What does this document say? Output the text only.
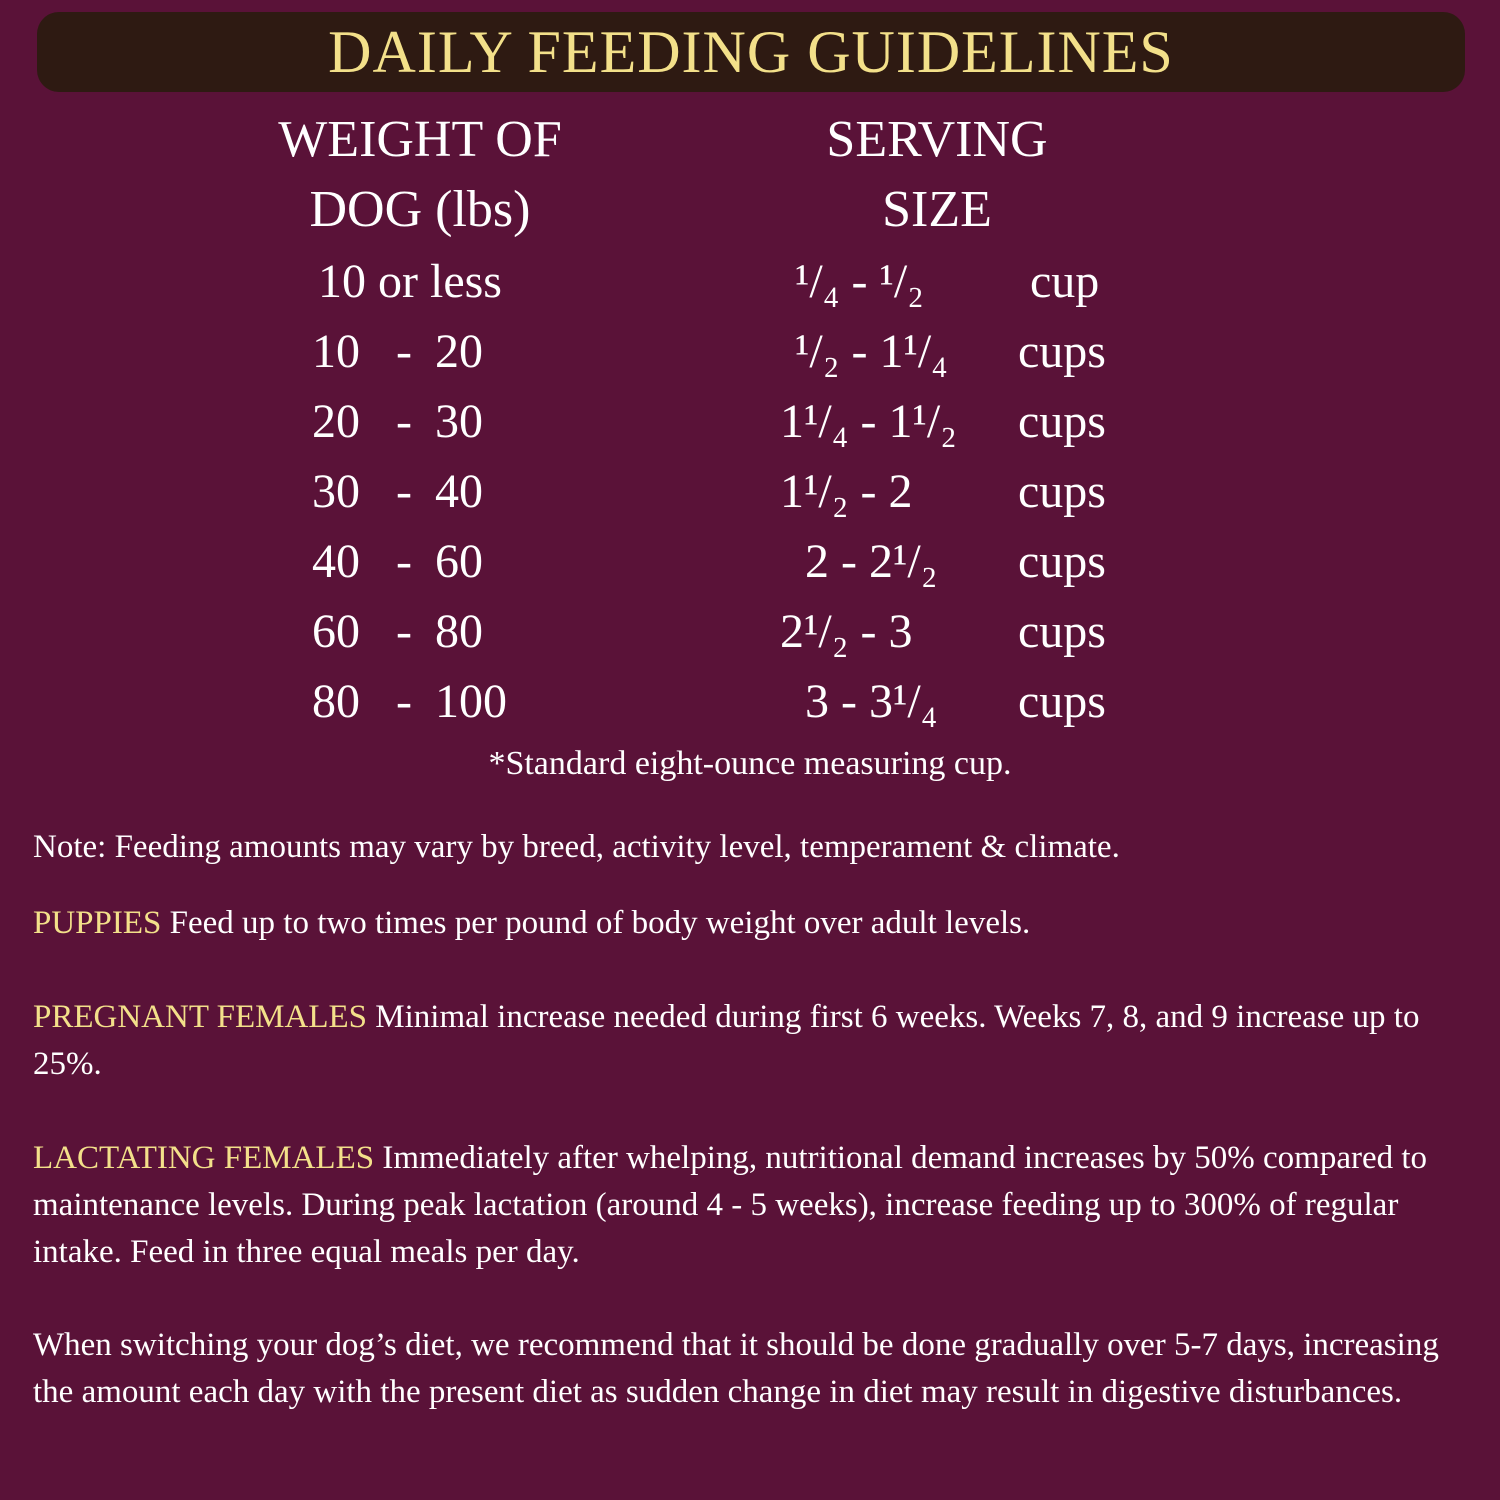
DAILY FEEDING GUIDELINES
WEIGHT OF
DOG (lbs)
SERVING
SIZE
10 or less	¹/₄ - ¹/₂ cup
10 - 20	¹/₂ - 1¹/₄ cups
20 - 30	1¹/₄ - 1¹/₂ cups
30 - 40	1¹/₂ - 2 cups
40 - 60	2 - 2¹/₂ cups
60 - 80	2¹/₂ - 3 cups
80 - 100	3 - 3¹/₄ cups
*Standard eight-ounce measuring cup.
Note: Feeding amounts may vary by breed, activity level, temperament & climate.
PUPPIES Feed up to two times per pound of body weight over adult levels.
PREGNANT FEMALES Minimal increase needed during first 6 weeks. Weeks 7, 8, and 9 increase up to 25%.
LACTATING FEMALES Immediately after whelping, nutritional demand increases by 50% compared to maintenance levels. During peak lactation (around 4 - 5 weeks), increase feeding up to 300% of regular intake. Feed in three equal meals per day.
When switching your dog’s diet, we recommend that it should be done gradually over 5-7 days, increasing the amount each day with the present diet as sudden change in diet may result in digestive disturbances.
